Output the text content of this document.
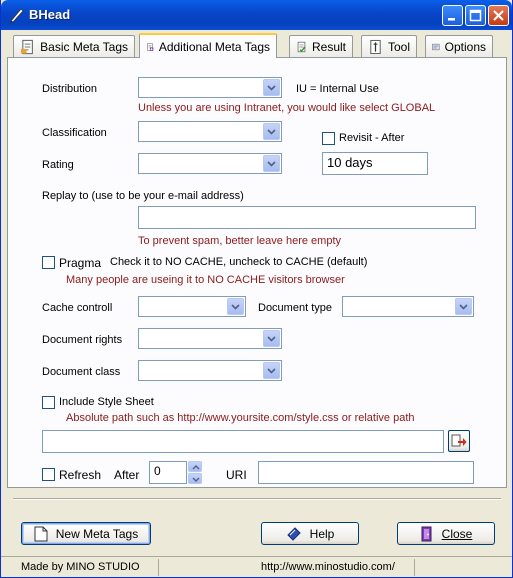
BHead
Basic Meta Tags	Additional Meta Tags	Result	Tool	Options
Distribution	IU = Internal Use
Unless you are using Intranet, you would like select GLOBAL
Classification	Revisit - After
Rating	10 days
Replay to (use to be your e-mail address)
To prevent spam, better leave here empty
Pragma Check it to NO CACHE, uncheck to CACHE (default)
Many people are useing it to NO CACHE visitors browser
Cache controll	Document type
Document rights
Document class
Include Style Sheet
Absolute path such as http://www.yoursite.com/style.css or relative path
Refresh After	0	URI
New Meta Tags	Help	Close
Made by MINO STUDIO	http://www.minostudio.com/
